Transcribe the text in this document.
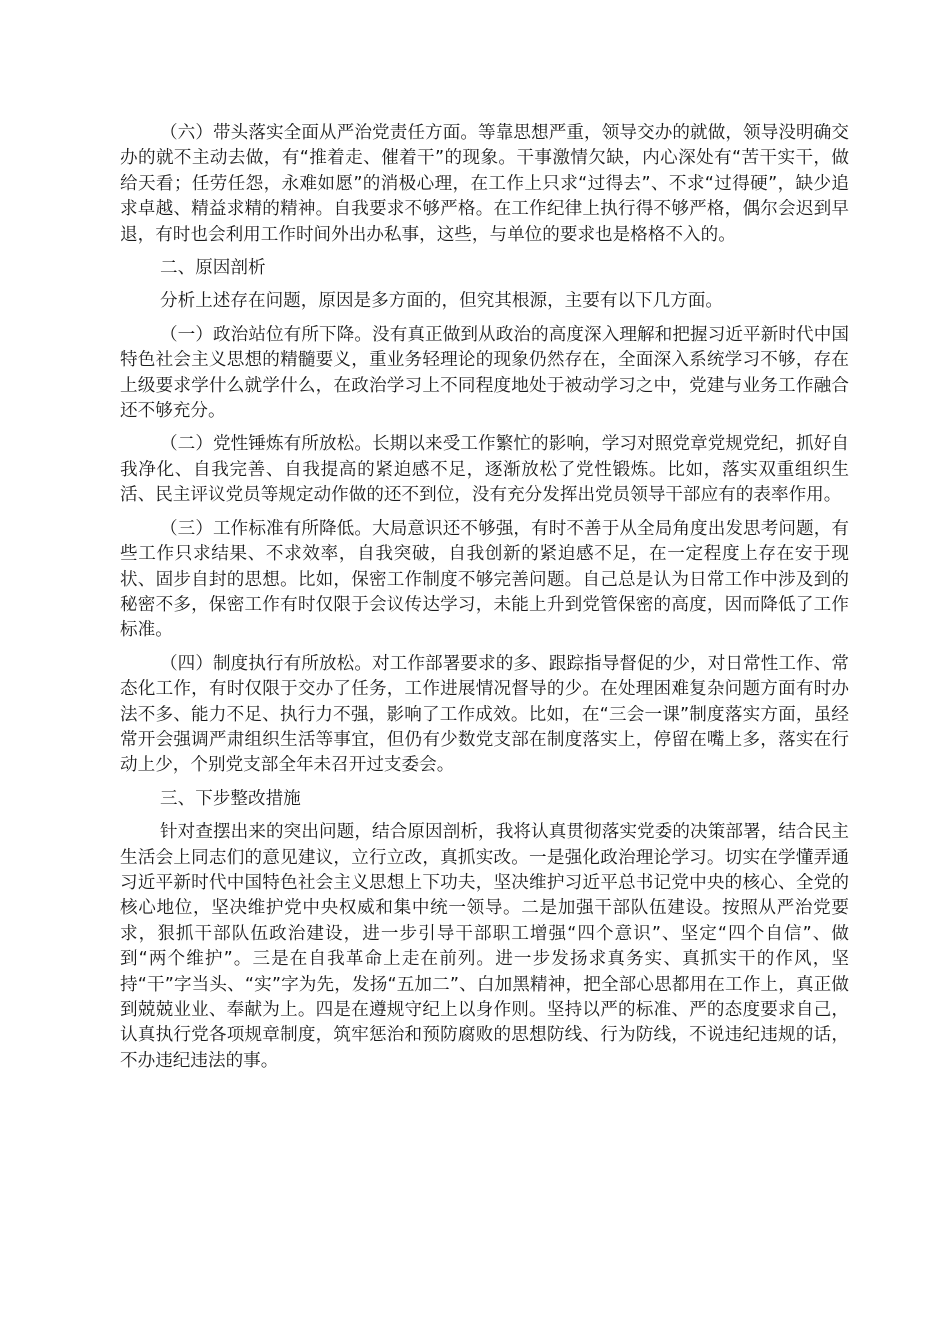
（六）带头落实全面从严治党责任方面。等靠思想严重，领导交办的就做，领导没明确交办的就不主动去做，有“推着走、催着干”的现象。干事激情欠缺，内心深处有“苦干实干，做给天看；任劳任怨，永难如愿”的消极心理，在工作上只求“过得去”、不求“过得硬”，缺少追求卓越、精益求精的精神。自我要求不够严格。在工作纪律上执行得不够严格，偶尔会迟到早退，有时也会利用工作时间外出办私事，这些，与单位的要求也是格格不入的。

二、原因剖析

分析上述存在问题，原因是多方面的，但究其根源，主要有以下几方面。

（一）政治站位有所下降。没有真正做到从政治的高度深入理解和把握习近平新时代中国特色社会主义思想的精髓要义，重业务轻理论的现象仍然存在，全面深入系统学习不够，存在上级要求学什么就学什么，在政治学习上不同程度地处于被动学习之中，党建与业务工作融合还不够充分。

（二）党性锤炼有所放松。长期以来受工作繁忙的影响，学习对照党章党规党纪，抓好自我净化、自我完善、自我提高的紧迫感不足，逐渐放松了党性锻炼。比如，落实双重组织生活、民主评议党员等规定动作做的还不到位，没有充分发挥出党员领导干部应有的表率作用。

（三）工作标准有所降低。大局意识还不够强，有时不善于从全局角度出发思考问题，有些工作只求结果、不求效率，自我突破，自我创新的紧迫感不足，在一定程度上存在安于现状、固步自封的思想。比如，保密工作制度不够完善问题。自己总是认为日常工作中涉及到的秘密不多，保密工作有时仅限于会议传达学习，未能上升到党管保密的高度，因而降低了工作标准。

（四）制度执行有所放松。对工作部署要求的多、跟踪指导督促的少，对日常性工作、常态化工作，有时仅限于交办了任务，工作进展情况督导的少。在处理困难复杂问题方面有时办法不多、能力不足、执行力不强，影响了工作成效。比如，在“三会一课”制度落实方面，虽经常开会强调严肃组织生活等事宜，但仍有少数党支部在制度落实上，停留在嘴上多，落实在行动上少，个别党支部全年未召开过支委会。

三、下步整改措施

针对查摆出来的突出问题，结合原因剖析，我将认真贯彻落实党委的决策部署，结合民主生活会上同志们的意见建议，立行立改，真抓实改。一是强化政治理论学习。切实在学懂弄通习近平新时代中国特色社会主义思想上下功夫，坚决维护习近平总书记党中央的核心、全党的核心地位，坚决维护党中央权威和集中统一领导。二是加强干部队伍建设。按照从严治党要求，狠抓干部队伍政治建设，进一步引导干部职工增强“四个意识”、坚定“四个自信”、做到“两个维护”。三是在自我革命上走在前列。进一步发扬求真务实、真抓实干的作风，坚持“干”字当头、“实”字为先，发扬“五加二”、白加黑精神，把全部心思都用在工作上，真正做到兢兢业业、奉献为上。四是在遵规守纪上以身作则。坚持以严的标准、严的态度要求自己，认真执行党各项规章制度，筑牢惩治和预防腐败的思想防线、行为防线，不说违纪违规的话，不办违纪违法的事。
